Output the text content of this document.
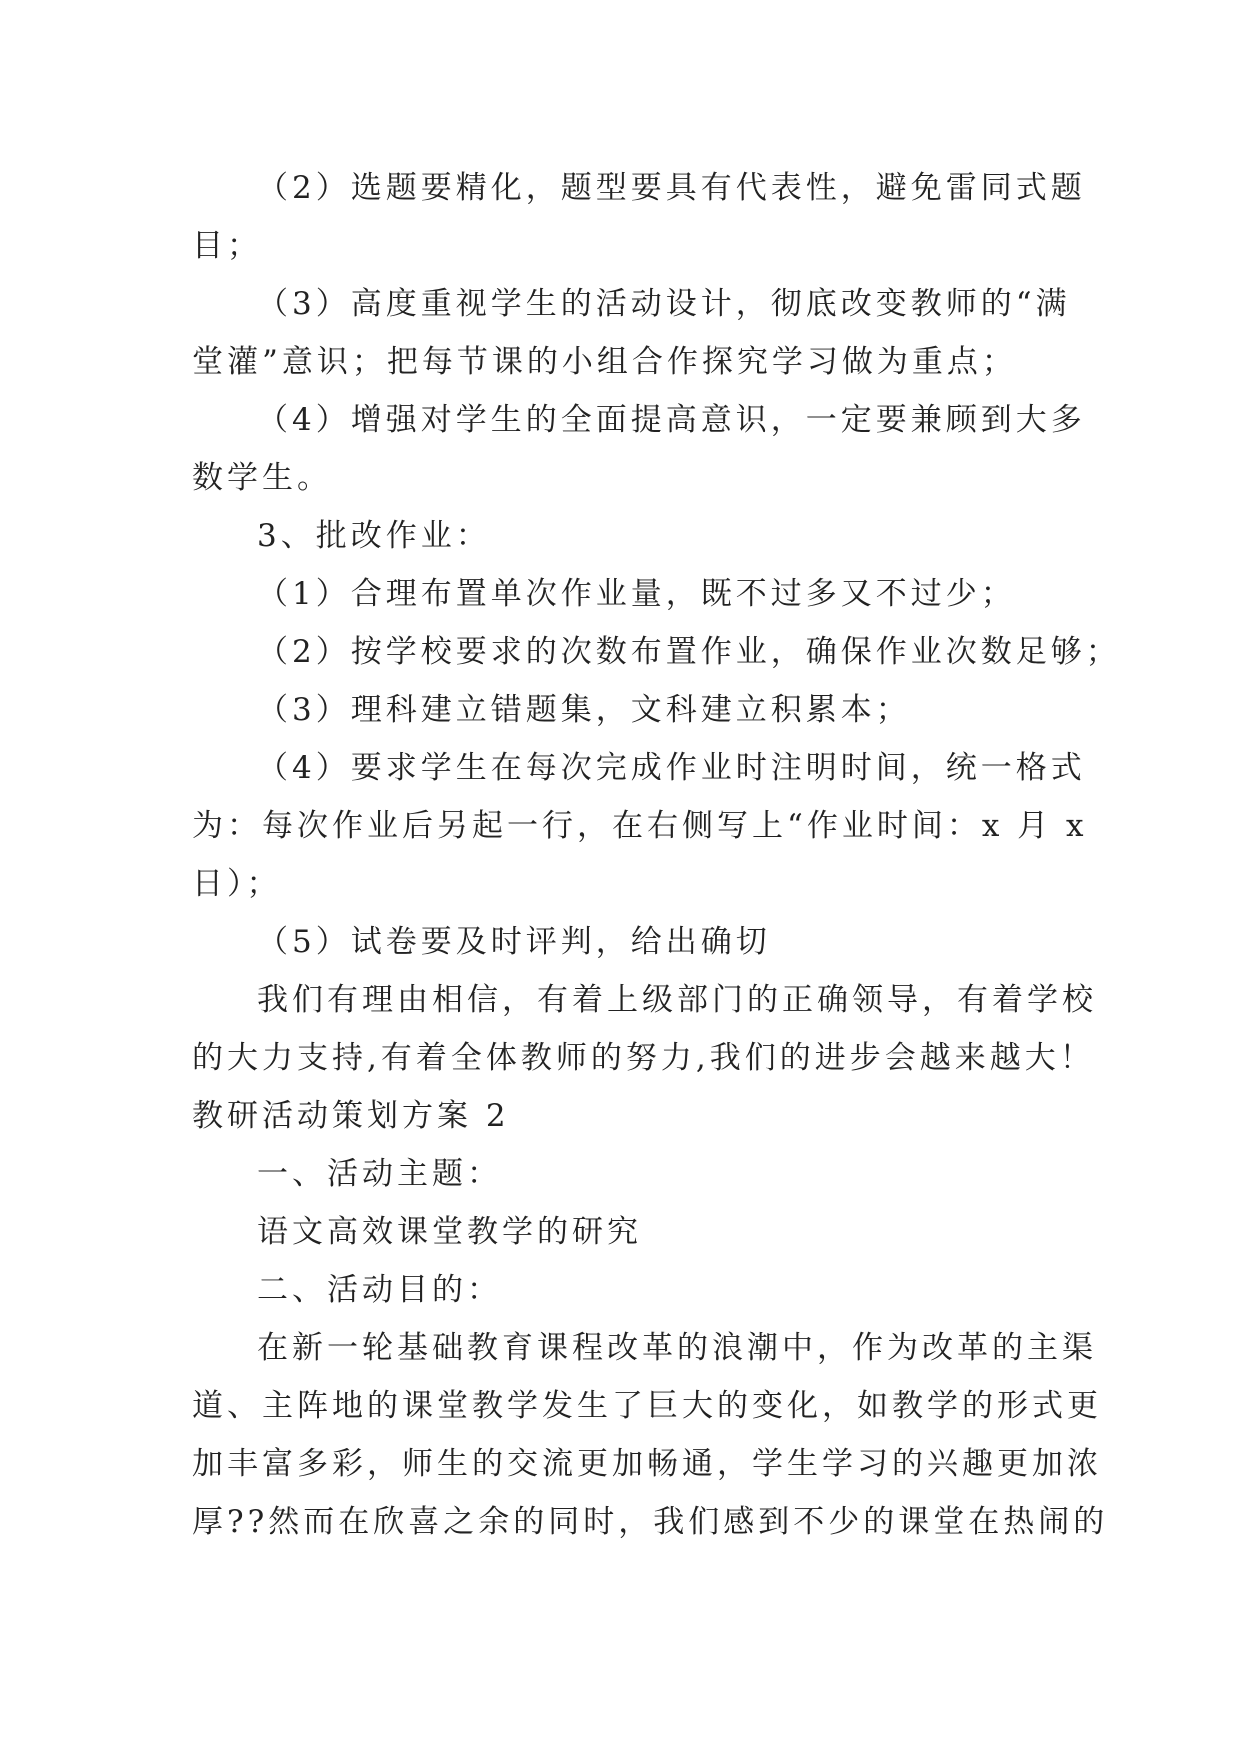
（2）选题要精化，题型要具有代表性，避免雷同式题
目；
（3）高度重视学生的活动设计，彻底改变教师的“满
堂灌”意识；把每节课的小组合作探究学习做为重点；
（4）增强对学生的全面提高意识，一定要兼顾到大多
数学生。
3、批改作业：
（1）合理布置单次作业量，既不过多又不过少；
（2）按学校要求的次数布置作业，确保作业次数足够；
（3）理科建立错题集，文科建立积累本；
（4）要求学生在每次完成作业时注明时间，统一格式
为：每次作业后另起一行，在右侧写上“作业时间：x 月 x
日）；
（5）试卷要及时评判，给出确切
我们有理由相信，有着上级部门的正确领导，有着学校
的大力支持,有着全体教师的努力,我们的进步会越来越大！
教研活动策划方案 2
一、活动主题：
语文高效课堂教学的研究
二、活动目的：
在新一轮基础教育课程改革的浪潮中，作为改革的主渠
道、主阵地的课堂教学发生了巨大的变化，如教学的形式更
加丰富多彩，师生的交流更加畅通，学生学习的兴趣更加浓
厚??然而在欣喜之余的同时，我们感到不少的课堂在热闹的
